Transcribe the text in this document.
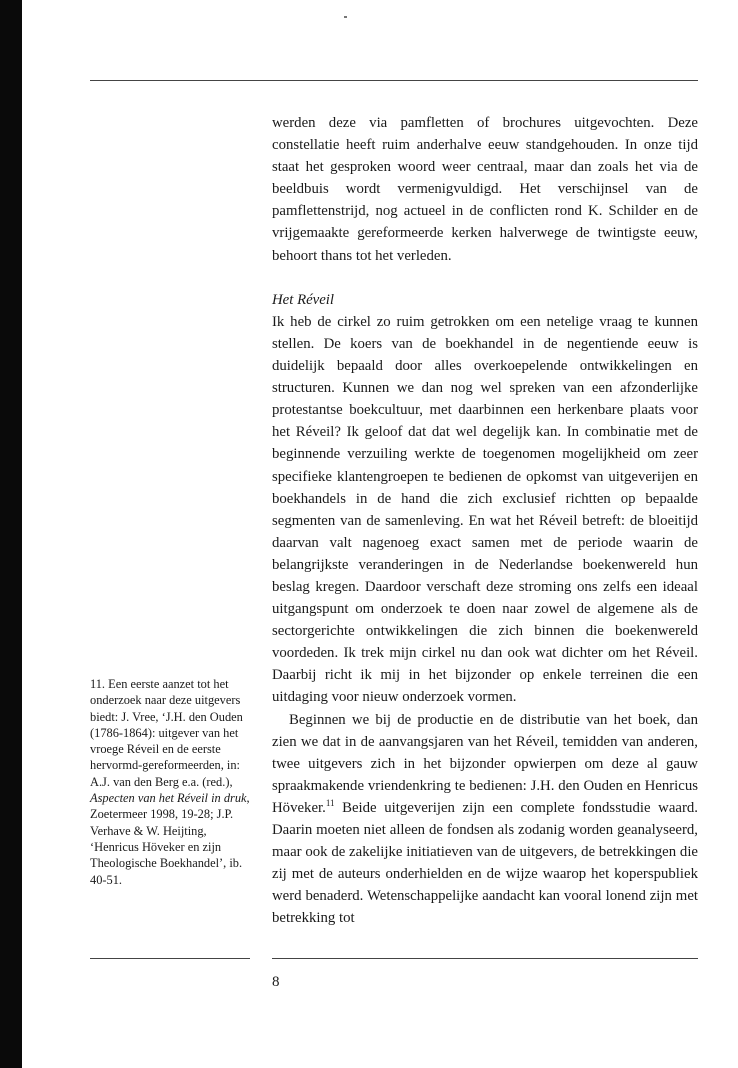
werden deze via pamfletten of brochures uitgevochten. Deze constellatie heeft ruim anderhalve eeuw standgehouden. In onze tijd staat het gesproken woord weer centraal, maar dan zoals het via de beeldbuis wordt vermenigvuldigd. Het verschijnsel van de pamflettenstrijd, nog actueel in de conflicten rond K. Schilder en de vrijgemaakte gereformeerde kerken halverwege de twintigste eeuw, behoort thans tot het verleden.

Het Réveil

Ik heb de cirkel zo ruim getrokken om een netelige vraag te kunnen stellen. De koers van de boekhandel in de negentiende eeuw is duidelijk bepaald door alles overkoepelende ontwikkelingen en structuren. Kunnen we dan nog wel spreken van een afzonderlijke protestantse boekcultuur, met daarbinnen een herkenbare plaats voor het Réveil? Ik geloof dat dat wel degelijk kan. In combinatie met de beginnende verzuiling werkte de toegenomen mogelijkheid om zeer specifieke klantengroepen te bedienen de opkomst van uitgeverijen en boekhandels in de hand die zich exclusief richtten op bepaalde segmenten van de samenleving. En wat het Réveil betreft: de bloeitijd daarvan valt nagenoeg exact samen met de periode waarin de belangrijkste veranderingen in de Nederlandse boekenwereld hun beslag kregen. Daardoor verschaft deze stroming ons zelfs een ideaal uitgangspunt om onderzoek te doen naar zowel de algemene als de sectorgerichte ontwikkelingen die zich binnen die boekenwereld voordeden. Ik trek mijn cirkel nu dan ook wat dichter om het Réveil. Daarbij richt ik mij in het bijzonder op enkele terreinen die een uitdaging voor nieuw onderzoek vormen.

Beginnen we bij de productie en de distributie van het boek, dan zien we dat in de aanvangsjaren van het Réveil, temidden van anderen, twee uitgevers zich in het bijzonder opwierpen om deze al gauw spraakmakende vriendenkring te bedienen: J.H. den Ouden en Henricus Höveker.$^{11}$ Beide uitgeverijen zijn een complete fondsstudie waard. Daarin moeten niet alleen de fondsen als zodanig worden geanalyseerd, maar ook de zakelijke initiatieven van de uitgevers, de betrekkingen die zij met de auteurs onderhielden en de wijze waarop het koperspubliek werd benaderd. Wetenschappelijke aandacht kan vooral lonend zijn met betrekking tot

11. Een eerste aanzet tot het onderzoek naar deze uitgevers biedt: J. Vree, ‘J.H. den Ouden (1786-1864): uitgever van het vroege Réveil en de eerste hervormd-gereformeerden, in: A.J. van den Berg e.a. (red.), Aspecten van het Réveil in druk, Zoetermeer 1998, 19-28; J.P. Verhave & W. Heijting, ‘Henricus Höveker en zijn Theologische Boekhandel’, ib. 40-51.

8
